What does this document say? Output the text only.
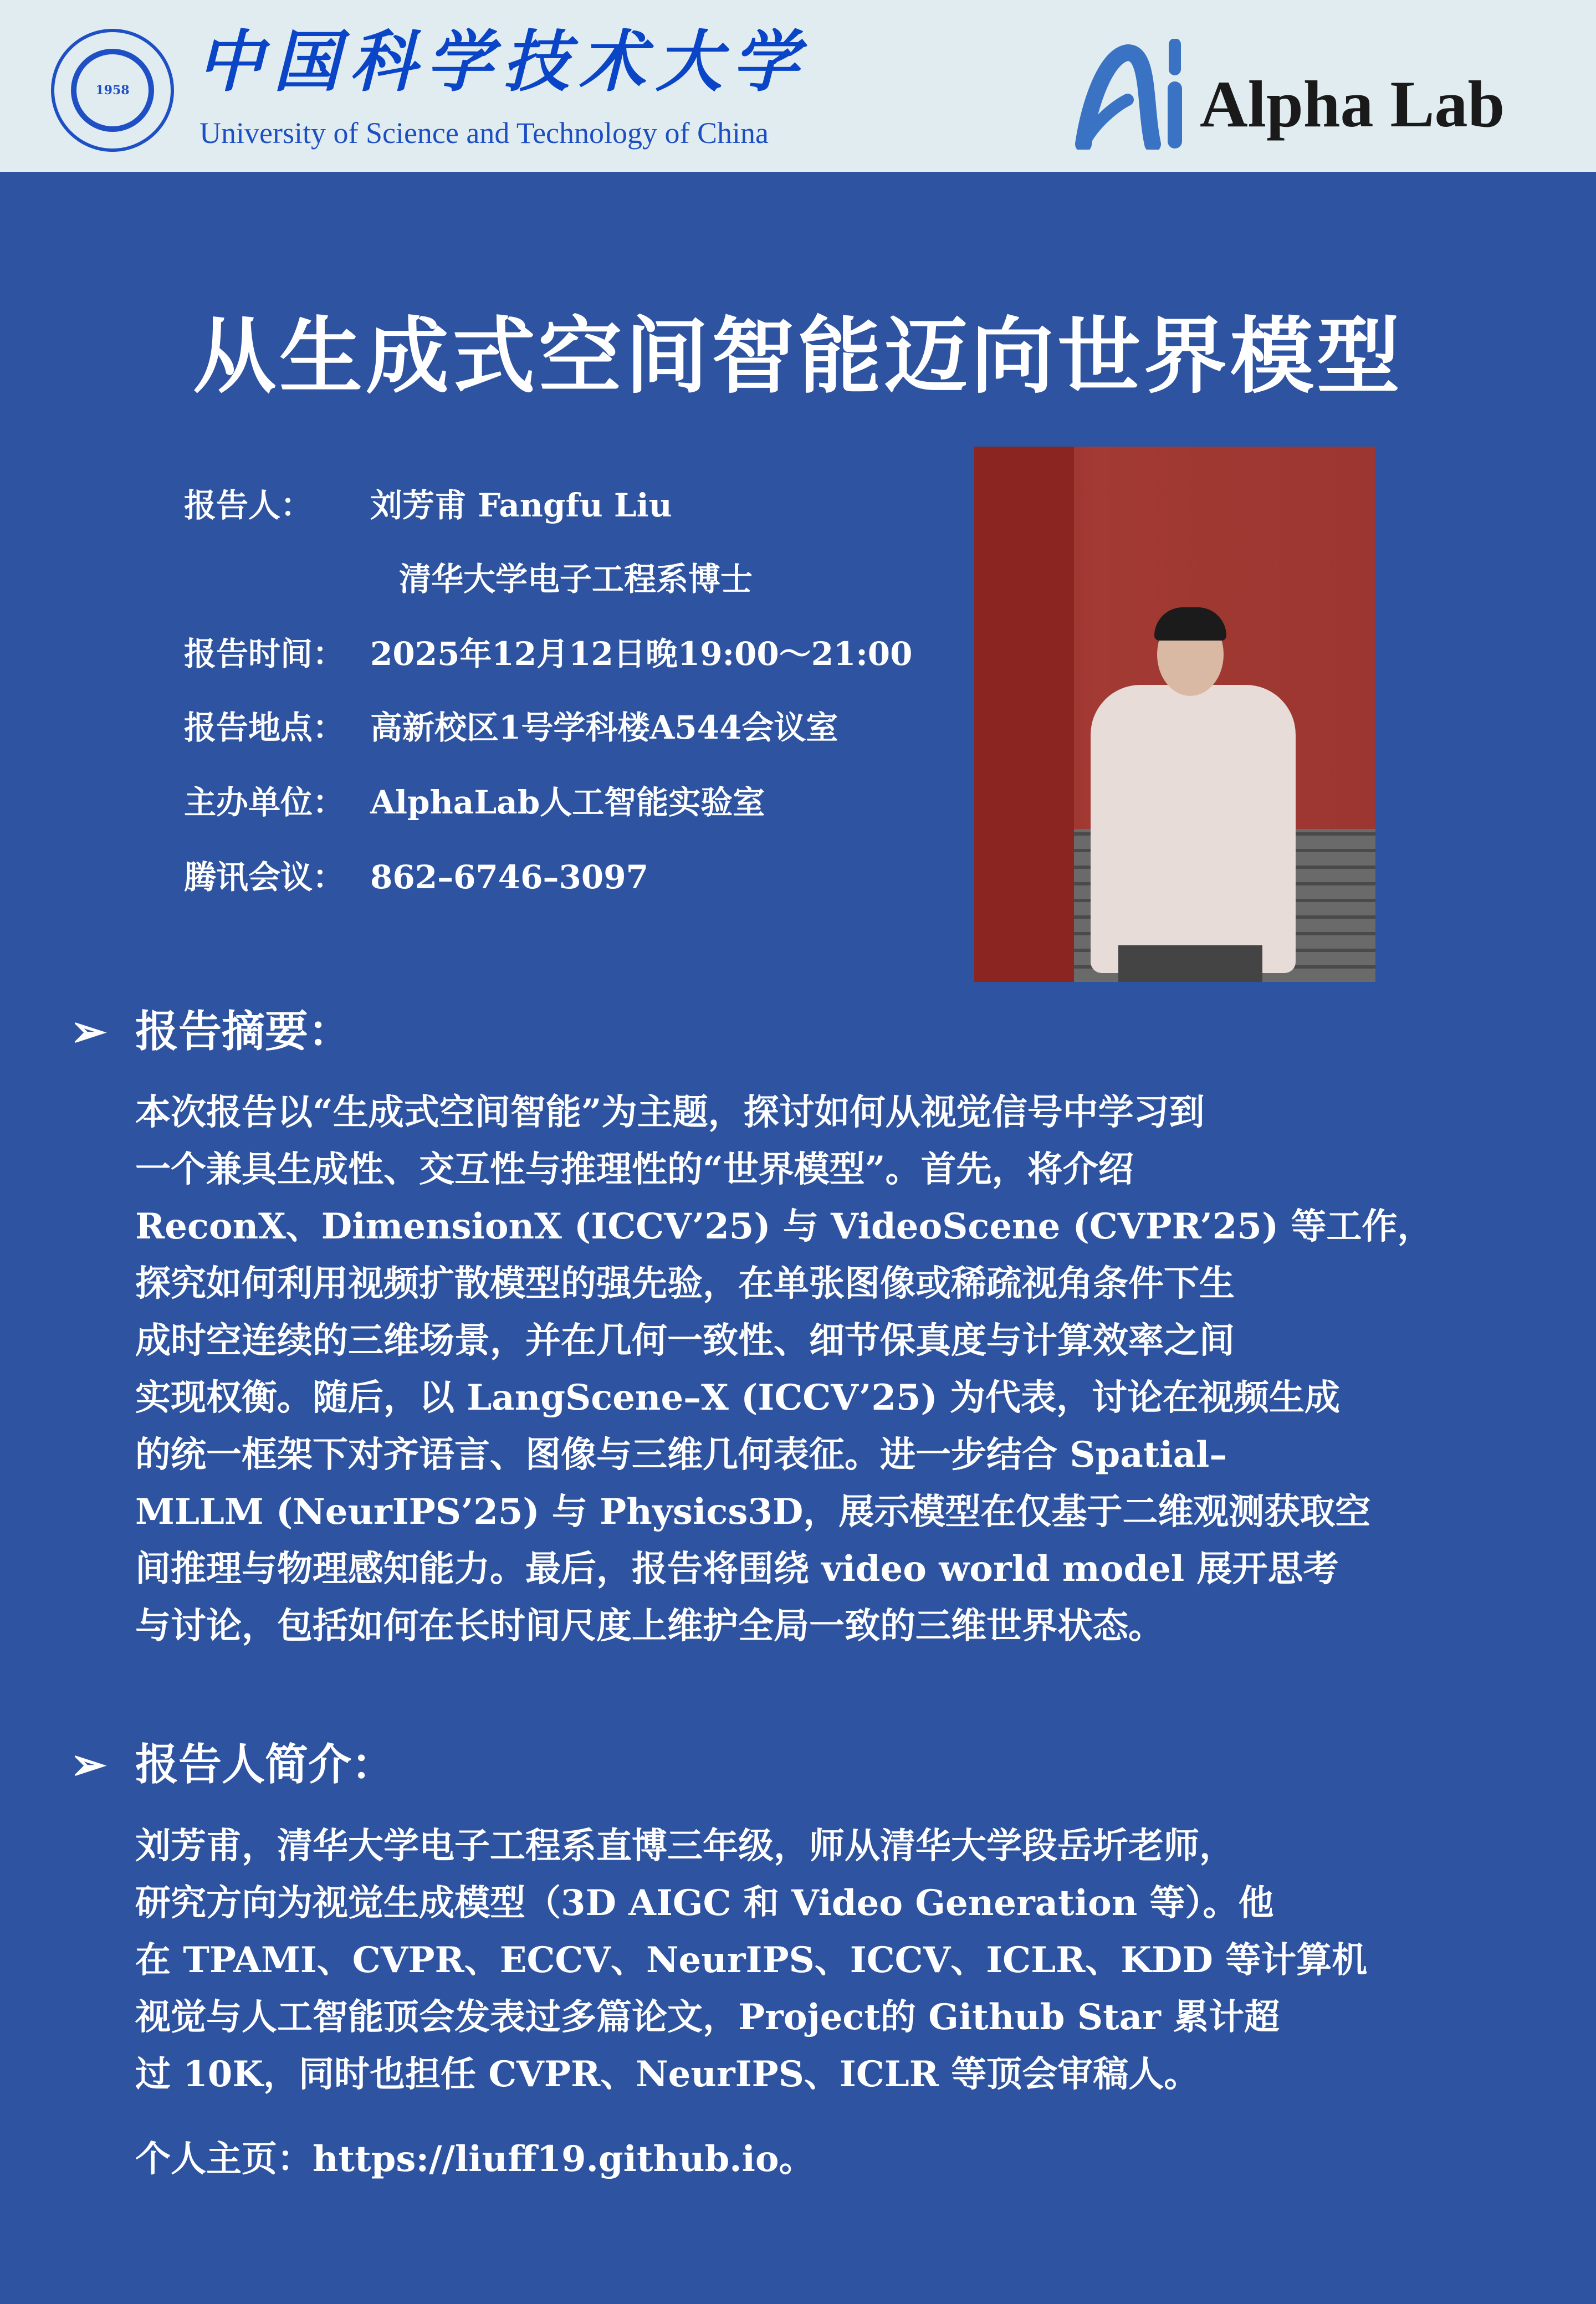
1958	中国科学技术大学
University of Science and Technology of China	Alpha Lab
从生成式空间智能迈向世界模型
报告人： 刘芳甫 Fangfu Liu
清华大学电子工程系博士
报告时间： 2025年12月12日晚19:00～21:00
报告地点： 高新校区1号学科楼A544会议室
主办单位： AlphaLab人工智能实验室
腾讯会议： 862–6746–3097
➢ 报告摘要：
本次报告以“生成式空间智能”为主题，探讨如何从视觉信号中学习到
一个兼具生成性、交互性与推理性的“世界模型”。首先，将介绍
ReconX、DimensionX (ICCV’25) 与 VideoScene (CVPR’25) 等工作，
探究如何利用视频扩散模型的强先验，在单张图像或稀疏视角条件下生
成时空连续的三维场景，并在几何一致性、细节保真度与计算效率之间
实现权衡。随后，以 LangScene–X (ICCV’25) 为代表，讨论在视频生成
的统一框架下对齐语言、图像与三维几何表征。进一步结合 Spatial–
MLLM (NeurIPS’25) 与 Physics3D，展示模型在仅基于二维观测获取空
间推理与物理感知能力。最后，报告将围绕 video world model 展开思考
与讨论，包括如何在长时间尺度上维护全局一致的三维世界状态。
➢ 报告人简介：
刘芳甫，清华大学电子工程系直博三年级，师从清华大学段岳圻老师，
研究方向为视觉生成模型（3D AIGC 和 Video Generation 等）。他
在 TPAMI、CVPR、ECCV、NeurIPS、ICCV、ICLR、KDD 等计算机
视觉与人工智能顶会发表过多篇论文，Project的 Github Star 累计超
过 10K，同时也担任 CVPR、NeurIPS、ICLR 等顶会审稿人。
个人主页：https://liuff19.github.io。
